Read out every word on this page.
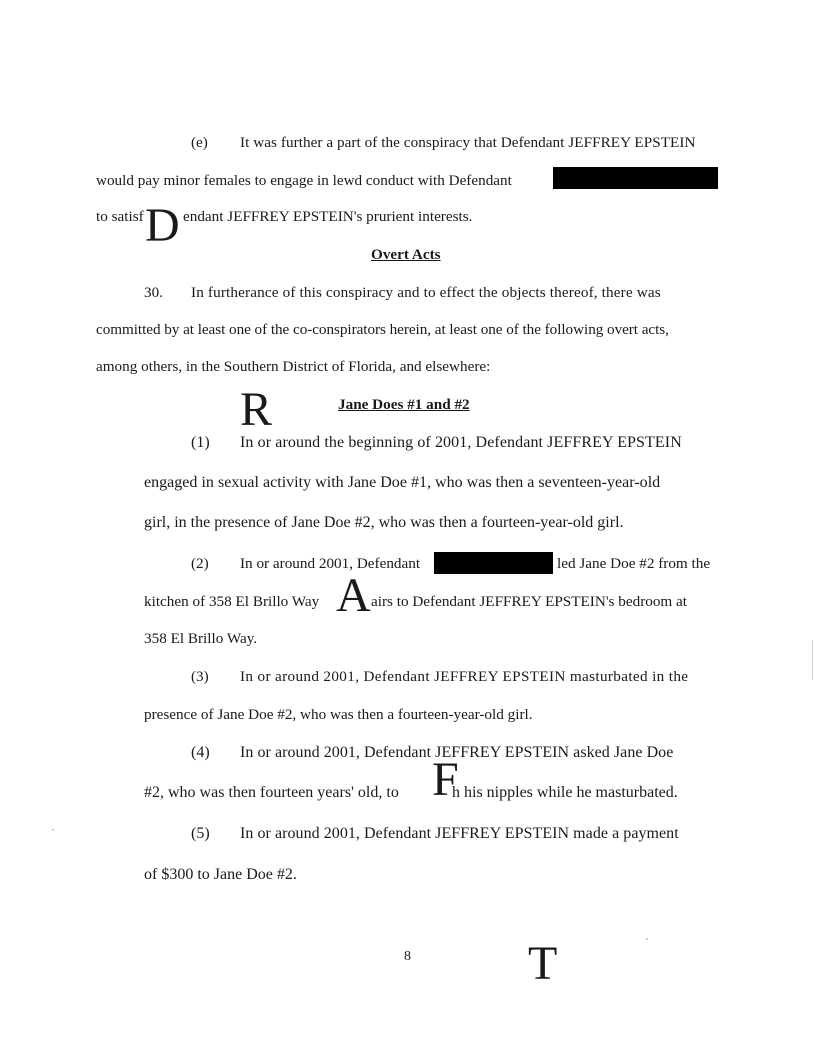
(e) It was further a part of the conspiracy that Defendant JEFFREY EPSTEIN
would pay minor females to engage in lewd conduct with Defendant
to satisf	endant JEFFREY EPSTEIN's prurient interests.
Overt Acts
30. In furtherance of this conspiracy and to effect the objects thereof, there was
committed by at least one of the co-conspirators herein, at least one of the following overt acts,
among others, in the Southern District of Florida, and elsewhere:
Jane Does #1 and #2
(1) In or around the beginning of 2001, Defendant JEFFREY EPSTEIN
engaged in sexual activity with Jane Doe #1, who was then a seventeen-year-old
girl, in the presence of Jane Doe #2, who was then a fourteen-year-old girl.
(2) In or around 2001, Defendant	led Jane Doe #2 from the
kitchen of 358 El Brillo Way	airs to Defendant JEFFREY EPSTEIN's bedroom at
358 El Brillo Way.
(3) In or around 2001, Defendant JEFFREY EPSTEIN masturbated in the
presence of Jane Doe #2, who was then a fourteen-year-old girl.
(4) In or around 2001, Defendant JEFFREY EPSTEIN asked Jane Doe
#2, who was then fourteen years' old, to	h his nipples while he masturbated.
(5) In or around 2001, Defendant JEFFREY EPSTEIN made a payment
of $300 to Jane Doe #2.
D
R
A
F
T
8
